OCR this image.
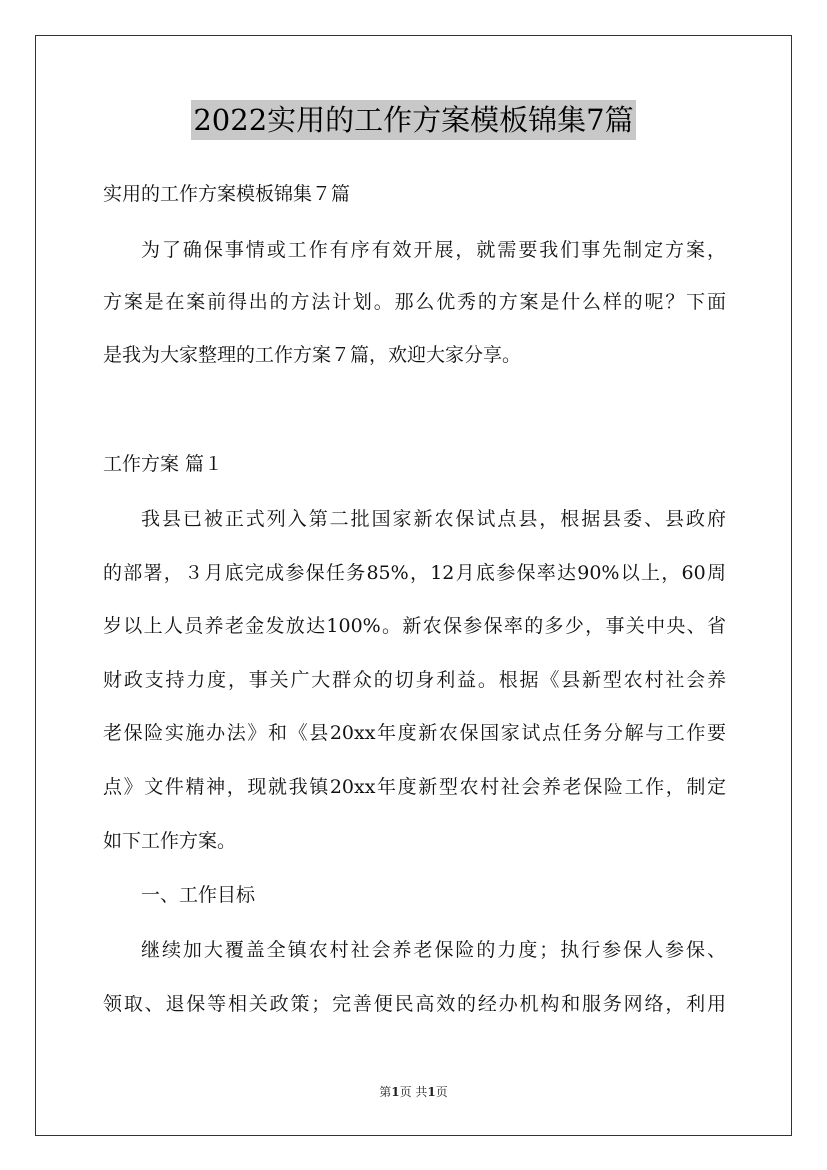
2022实用的工作方案模板锦集7篇
实用的工作方案模板锦集７篇
为了确保事情或工作有序有效开展，就需要我们事先制定方案，
方案是在案前得出的方法计划。那么优秀的方案是什么样的呢？下面
是我为大家整理的工作方案７篇，欢迎大家分享。
工作方案 篇１
我县已被正式列入第二批国家新农保试点县，根据县委、县政府
的部署，３月底完成参保任务85%，12月底参保率达90%以上，60周
岁以上人员养老金发放达100%。新农保参保率的多少，事关中央、省
财政支持力度，事关广大群众的切身利益。根据《县新型农村社会养
老保险实施办法》和《县20xx年度新农保国家试点任务分解与工作要
点》文件精神，现就我镇20xx年度新型农村社会养老保险工作，制定
如下工作方案。
一、工作目标
继续加大覆盖全镇农村社会养老保险的力度；执行参保人参保、
领取、退保等相关政策；完善便民高效的经办机构和服务网络，利用
第1页 共1页
